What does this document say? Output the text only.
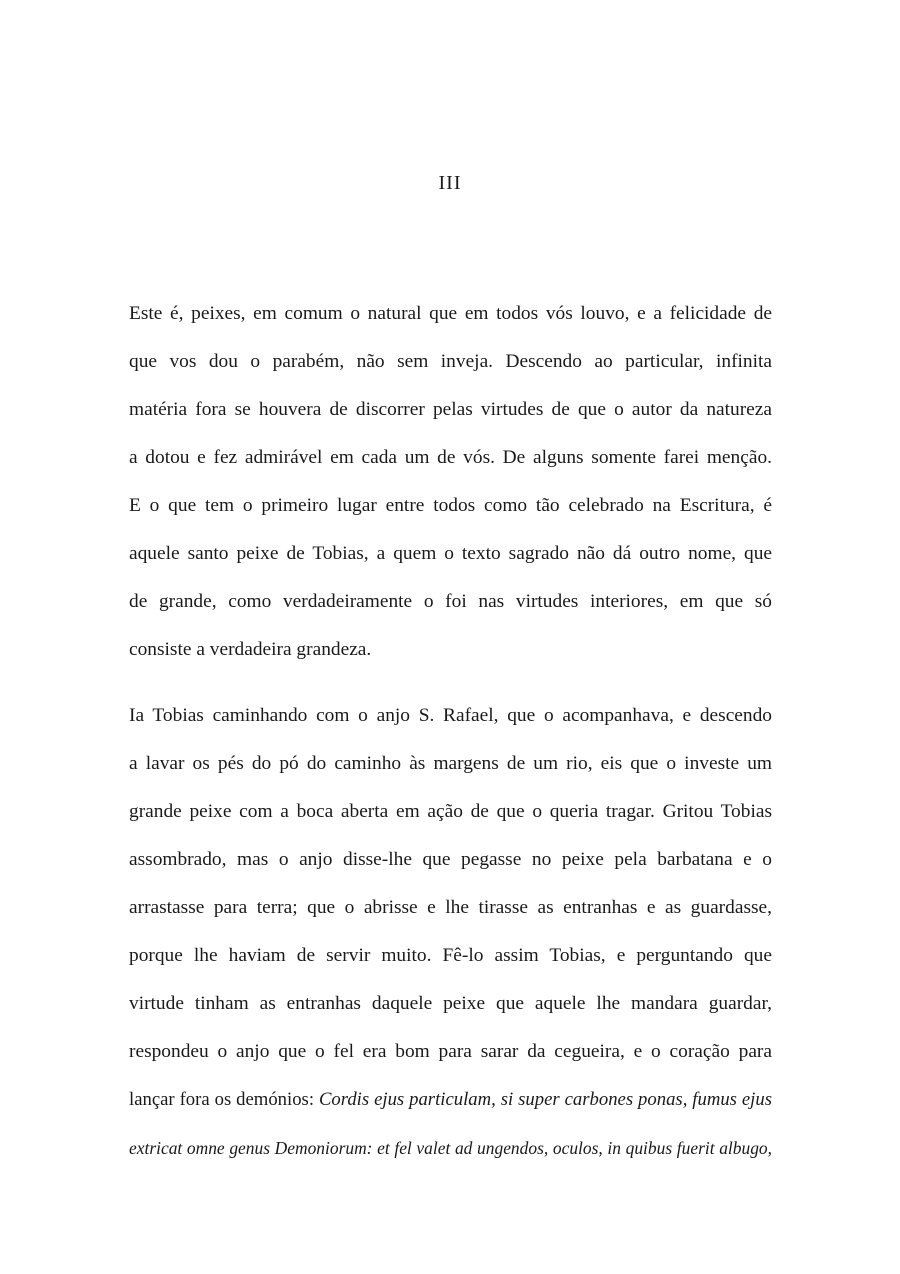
III

Este é, peixes, em comum o natural que em todos vós louvo, e a felicidade de
que vos dou o parabém, não sem inveja. Descendo ao particular, infinita
matéria fora se houvera de discorrer pelas virtudes de que o autor da natureza
a dotou e fez admirável em cada um de vós. De alguns somente farei menção.
E o que tem o primeiro lugar entre todos como tão celebrado na Escritura, é
aquele santo peixe de Tobias, a quem o texto sagrado não dá outro nome, que
de grande, como verdadeiramente o foi nas virtudes interiores, em que só
consiste a verdadeira grandeza.

Ia Tobias caminhando com o anjo S. Rafael, que o acompanhava, e descendo
a lavar os pés do pó do caminho às margens de um rio, eis que o investe um
grande peixe com a boca aberta em ação de que o queria tragar. Gritou Tobias
assombrado, mas o anjo disse-lhe que pegasse no peixe pela barbatana e o
arrastasse para terra; que o abrisse e lhe tirasse as entranhas e as guardasse,
porque lhe haviam de servir muito. Fê-lo assim Tobias, e perguntando que
virtude tinham as entranhas daquele peixe que aquele lhe mandara guardar,
respondeu o anjo que o fel era bom para sarar da cegueira, e o coração para
lançar fora os demónios: Cordis ejus particulam, si super carbones ponas, fumus ejus
extricat omne genus Demoniorum: et fel valet ad ungendos, oculos, in quibus fuerit albugo,
